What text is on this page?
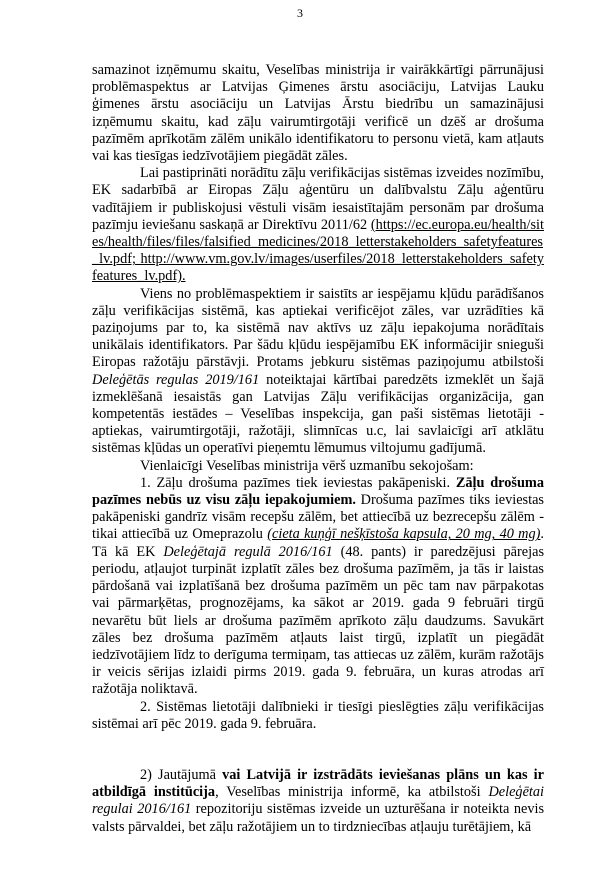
3

samazinot izņēmumu skaitu, Veselības ministrija ir vairākkārtīgi pārrunājusi problēmaspektus ar Latvijas Ģimenes ārstu asociāciju, Latvijas Lauku ģimenes ārstu asociāciju un Latvijas Ārstu biedrību un samazinājusi izņēmumu skaitu, kad zāļu vairumtirgotāji verificē un dzēš ar drošuma pazīmēm aprīkotām zālēm unikālo identifikatoru to personu vietā, kam atļauts vai kas tiesīgas iedzīvotājiem piegādāt zāles.

Lai pastiprināti norādītu zāļu verifikācijas sistēmas izveides nozīmību, EK sadarbībā ar Eiropas Zāļu aģentūru un dalībvalstu Zāļu aģentūru vadītājiem ir publiskojusi vēstuli visām iesaistītajām personām par drošuma pazīmju ieviešanu saskaņā ar Direktīvu 2011/62 (https://ec.europa.eu/health/sites/health/files/files/falsified_medicines/2018_letterstakeholders_safetyfeatures_lv.pdf; http://www.vm.gov.lv/images/userfiles/2018_letterstakeholders_safetyfeatures_lv.pdf).

Viens no problēmaspektiem ir saistīts ar iespējamu kļūdu parādīšanos zāļu verifikācijas sistēmā, kas aptiekai verificējot zāles, var uzrādīties kā paziņojums par to, ka sistēmā nav aktīvs uz zāļu iepakojuma norādītais unikālais identifikators. Par šādu kļūdu iespējamību EK informācijir snieguši Eiropas ražotāju pārstāvji. Protams jebkuru sistēmas paziņojumu atbilstoši Deleģētās regulas 2019/161 noteiktajai kārtībai paredzēts izmeklēt un šajā izmeklēšanā iesaistās gan Latvijas Zāļu verifikācijas organizācija, gan kompetentās iestādes – Veselības inspekcija, gan paši sistēmas lietotāji - aptiekas, vairumtirgotāji, ražotāji, slimnīcas u.c, lai savlaicīgi arī atklātu sistēmas kļūdas un operatīvi pieņemtu lēmumus viltojumu gadījumā.

Vienlaicīgi Veselības ministrija vērš uzmanību sekojošam:

1. Zāļu drošuma pazīmes tiek ieviestas pakāpeniski. Zāļu drošuma pazīmes nebūs uz visu zāļu iepakojumiem. Drošuma pazīmes tiks ieviestas pakāpeniski gandrīz visām recepšu zālēm, bet attiecībā uz bezrecepšu zālēm - tikai attiecībā uz Omeprazolu (cieta kuņģī nešķīstoša kapsula, 20 mg, 40 mg). Tā kā EK Deleģētajā regulā 2016/161 (48. pants) ir paredzējusi pārejas periodu, atļaujot turpināt izplatīt zāles bez drošuma pazīmēm, ja tās ir laistas pārdošanā vai izplatīšanā bez drošuma pazīmēm un pēc tam nav pārpakotas vai pārmarķētas, prognozējams, ka sākot ar 2019. gada 9 februāri tirgū nevarētu būt liels ar drošuma pazīmēm aprīkoto zāļu daudzums. Savukārt zāles bez drošuma pazīmēm atļauts laist tirgū, izplatīt un piegādāt iedzīvotājiem līdz to derīguma termiņam, tas attiecas uz zālēm, kurām ražotājs ir veicis sērijas izlaidi pirms 2019. gada 9. februāra, un kuras atrodas arī ražotāja noliktavā.

2. Sistēmas lietotāji dalībnieki ir tiesīgi pieslēgties zāļu verifikācijas sistēmai arī pēc 2019. gada 9. februāra.

2) Jautājumā vai Latvijā ir izstrādāts ieviešanas plāns un kas ir atbildīgā institūcija, Veselības ministrija informē, ka atbilstoši Deleģētai regulai 2016/161 repozitoriju sistēmas izveide un uzturēšana ir noteikta nevis valsts pārvaldei, bet zāļu ražotājiem un to tirdzniecības atļauju turētājiem, kā
